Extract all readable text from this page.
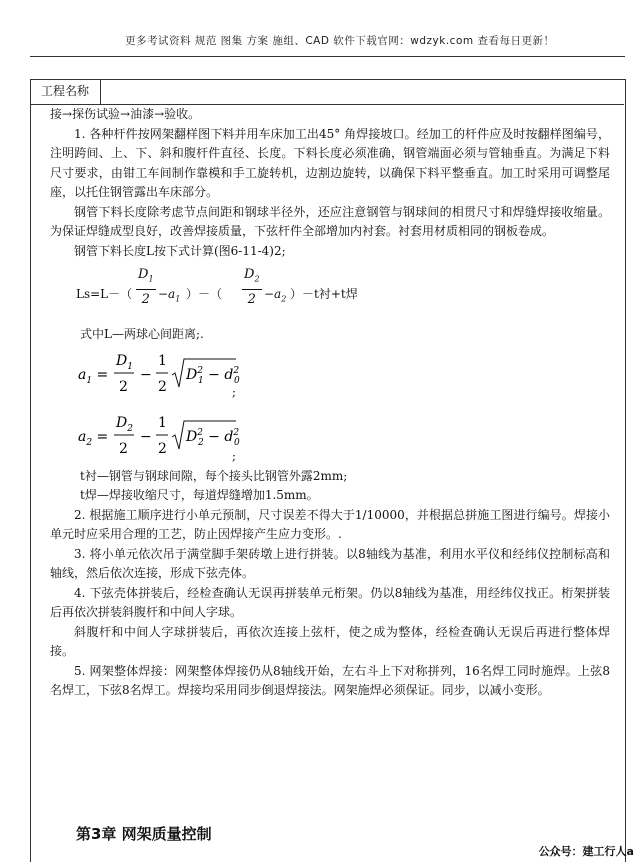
更多考试资料 规范 图集 方案 施组、CAD 软件下载官网：wdzyk.com 查看每日更新！
工程名称

接→探伤试验→油漆→验收。

1. 各种杆件按网架翻样图下料并用车床加工出45° 角焊接坡口。经加工的杆件应及时按翻样图编号，注明跨间、上、下、斜和腹杆件直径、长度。下料长度必须准确，钢管端面必须与管轴垂直。为满足下料尺寸要求，由钳工车间制作靠模和手工旋转机，边割边旋转，以确保下料平整垂直。加工时采用可调整尾座，以托住钢管露出车床部分。

钢管下料长度除考虑节点间距和钢球半径外，还应注意钢管与钢球间的相贯尺寸和焊缝焊接收缩量。为保证焊缝成型良好，改善焊接质量，下弦杆件全部增加内衬套。衬套用材质相同的钢板卷成。

钢管下料长度L按下式计算(图6-11-4)2;

$Ls=L-( \frac{D_1}{2} -a_1$ ）－（ $\frac{D_2}{2} -a_2$ ）－t衬+t焊

式中L—两球心间距离;.

$a_1$ =
$D_1$
2
−
1
2
$D^2$ $1 - d^2$ 0
;
$a_2$ =
$D_2$
2
−
1
2
$D^2$ $2 - d^2$ 0
;

t衬—钢管与钢球间隙，每个接头比钢管外露2mm;

t焊—焊接收缩尺寸，每道焊缝增加1.5mm。

2. 根据施工顺序进行小单元预制，尺寸误差不得大于1/10000，并根据总拼施工图进行编号。焊接小单元时应采用合理的工艺，防止因焊接产生应力变形。.

3. 将小单元依次吊于满堂脚手架砖墩上进行拼装。以8轴线为基准，利用水平仪和经纬仪控制标高和轴线，然后依次连接，形成下弦壳体。

4. 下弦壳体拼装后，经检查确认无误再拼装单元桁架。仍以8轴线为基准，用经纬仪找正。桁架拼装后再依次拼装斜腹杆和中间人字球。

斜腹杆和中间人字球拼装后，再依次连接上弦杆，使之成为整体，经检查确认无误后再进行整体焊接。

5. 网架整体焊接：网架整体焊接仍从8轴线开始，左右斗上下对称拼列，16名焊工同时施焊。上弦8名焊工，下弦8名焊工。焊接均采用同步倒退焊接法。网架施焊必须保证。同步，以减小变形。

第3章 网架质量控制
公众号：建工行人a
